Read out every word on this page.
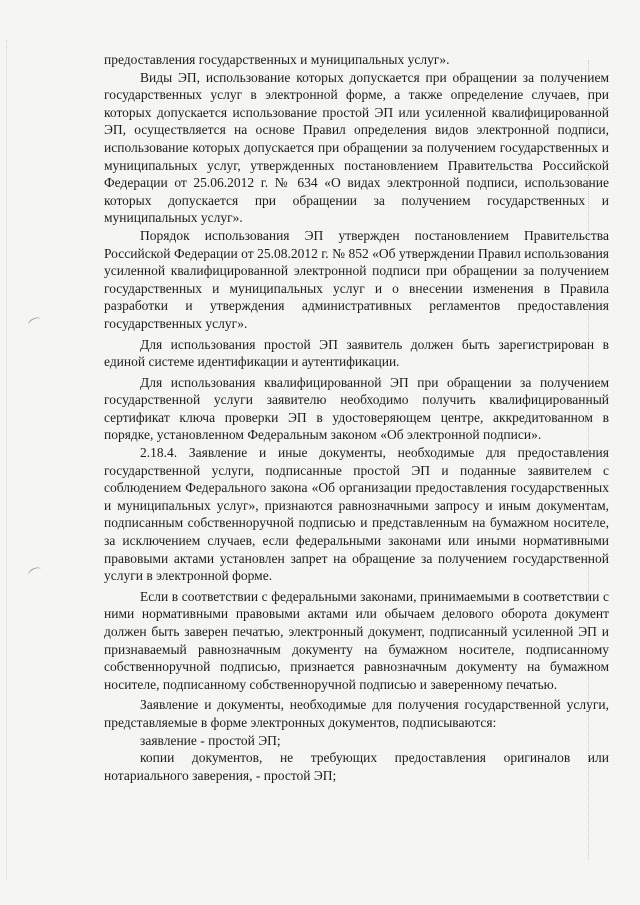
предоставления государственных и муниципальных услуг».

Виды ЭП, использование которых допускается при обращении за получением государственных услуг в электронной форме, а также определение случаев, при которых допускается использование простой ЭП или усиленной квалифицированной ЭП, осуществляется на основе Правил определения видов электронной подписи, использование которых допускается при обращении за получением государственных и муниципальных услуг, утвержденных постановлением Правительства Российской Федерации от 25.06.2012 г. № 634 «О видах электронной подписи, использование которых допускается при обращении за получением государственных и муниципальных услуг».

Порядок использования ЭП утвержден постановлением Правительства Российской Федерации от 25.08.2012 г. № 852 «Об утверждении Правил использования усиленной квалифицированной электронной подписи при обращении за получением государственных и муниципальных услуг и о внесении изменения в Правила разработки и утверждения административных регламентов предоставления государственных услуг».

Для использования простой ЭП заявитель должен быть зарегистрирован в единой системе идентификации и аутентификации.

Для использования квалифицированной ЭП при обращении за получением государственной услуги заявителю необходимо получить квалифицированный сертификат ключа проверки ЭП в удостоверяющем центре, аккредитованном в порядке, установленном Федеральным законом «Об электронной подписи».

2.18.4. Заявление и иные документы, необходимые для предоставления государственной услуги, подписанные простой ЭП и поданные заявителем с соблюдением Федерального закона «Об организации предоставления государственных и муниципальных услуг», признаются равнозначными запросу и иным документам, подписанным собственноручной подписью и представленным на бумажном носителе, за исключением случаев, если федеральными законами или иными нормативными правовыми актами установлен запрет на обращение за получением государственной услуги в электронной форме.

Если в соответствии с федеральными законами, принимаемыми в соответствии с ними нормативными правовыми актами или обычаем делового оборота документ должен быть заверен печатью, электронный документ, подписанный усиленной ЭП и признаваемый равнозначным документу на бумажном носителе, подписанному собственноручной подписью, признается равнозначным документу на бумажном носителе, подписанному собственноручной подписью и заверенному печатью.

Заявление и документы, необходимые для получения государственной услуги, представляемые в форме электронных документов, подписываются:

заявление - простой ЭП;

копии документов, не требующих предоставления оригиналов или нотариального заверения, - простой ЭП;
